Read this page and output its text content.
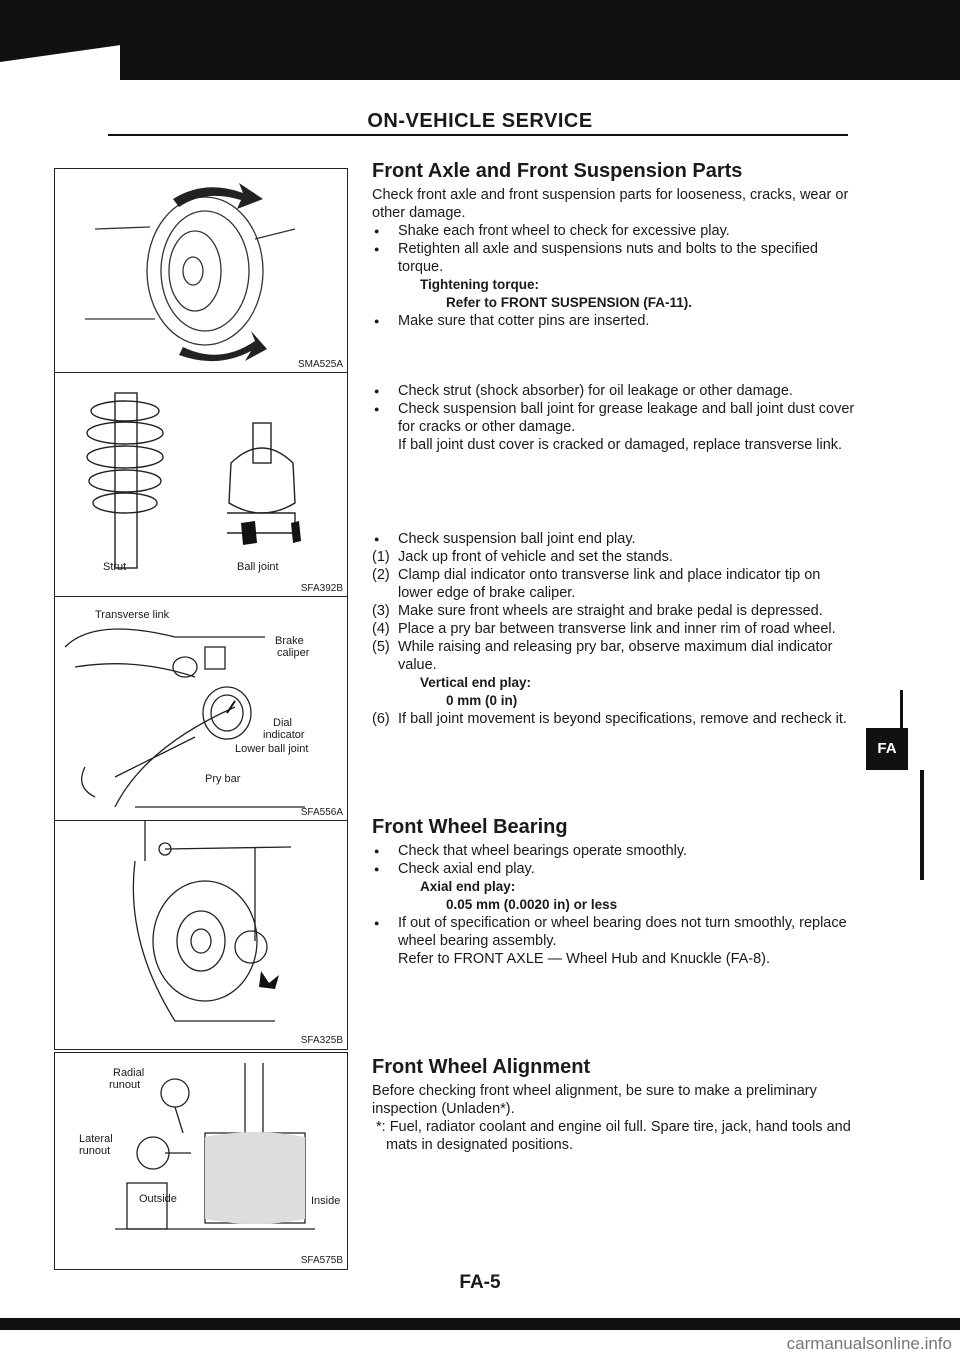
ON-VEHICLE SERVICE
SMA525A
Strut	Ball joint
SFA392B
Transverse link
Brake
caliper
Dial
indicator
Lower ball joint
Pry bar
SFA556A
SFA325B
Radial
runout
Lateral
runout
Outside	Inside
SFA575B
Front Axle and Front Suspension Parts

Check front axle and front suspension parts for looseness, cracks, wear or other damage.

● Shake each front wheel to check for excessive play.

● Retighten all axle and suspensions nuts and bolts to the specified torque.

Tightening torque:

Refer to FRONT SUSPENSION (FA-11).

● Make sure that cotter pins are inserted.

● Check strut (shock absorber) for oil leakage or other damage.

● Check suspension ball joint for grease leakage and ball joint dust cover for cracks or other damage.

If ball joint dust cover is cracked or damaged, replace transverse link.

● Check suspension ball joint end play.

(1) Jack up front of vehicle and set the stands.

(2) Clamp dial indicator onto transverse link and place indicator tip on lower edge of brake caliper.

(3) Make sure front wheels are straight and brake pedal is depressed.

(4) Place a pry bar between transverse link and inner rim of road wheel.

(5) While raising and releasing pry bar, observe maximum dial indicator value.

Vertical end play:

0 mm (0 in)

(6) If ball joint movement is beyond specifications, remove and recheck it.

Front Wheel Bearing

● Check that wheel bearings operate smoothly.

● Check axial end play.

Axial end play:

0.05 mm (0.0020 in) or less

● If out of specification or wheel bearing does not turn smoothly, replace wheel bearing assembly.

Refer to FRONT AXLE — Wheel Hub and Knuckle (FA-8).

Front Wheel Alignment

Before checking front wheel alignment, be sure to make a preliminary inspection (Unladen*).

*: Fuel, radiator coolant and engine oil full. Spare tire, jack, hand tools and mats in designated positions.

FA
FA-5
carmanualsonline.info
